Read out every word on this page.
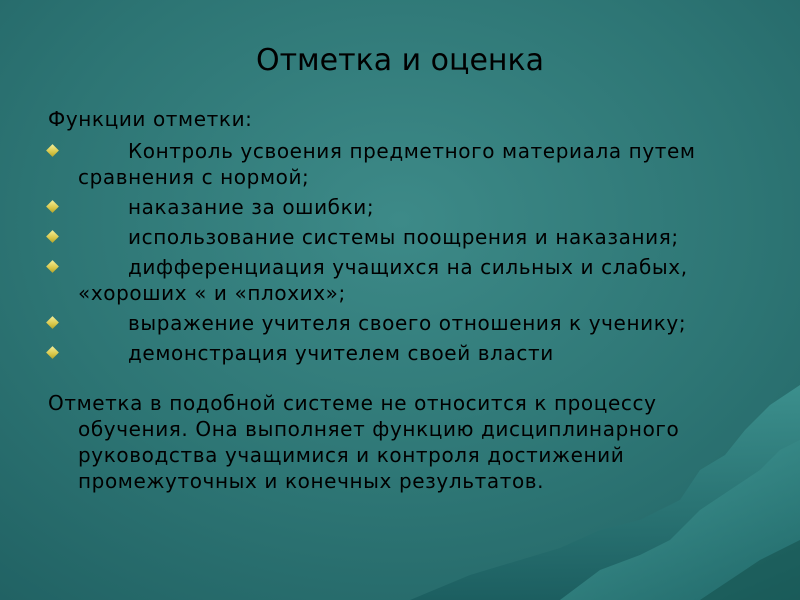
Отметка и оценка
Функции отметки:
Контроль усвоения предметного материала путем сравнения с нормой;
наказание за ошибки;
использование системы поощрения и наказания;
дифференциация учащихся на сильных и слабых, «хороших « и «плохих»;
выражение учителя своего отношения к ученику;
демонстрация учителем своей власти
Отметка в подобной системе не относится к процессу обучения. Она выполняет функцию дисциплинарного руководства учащимися и контроля достижений промежуточных и конечных результатов.
